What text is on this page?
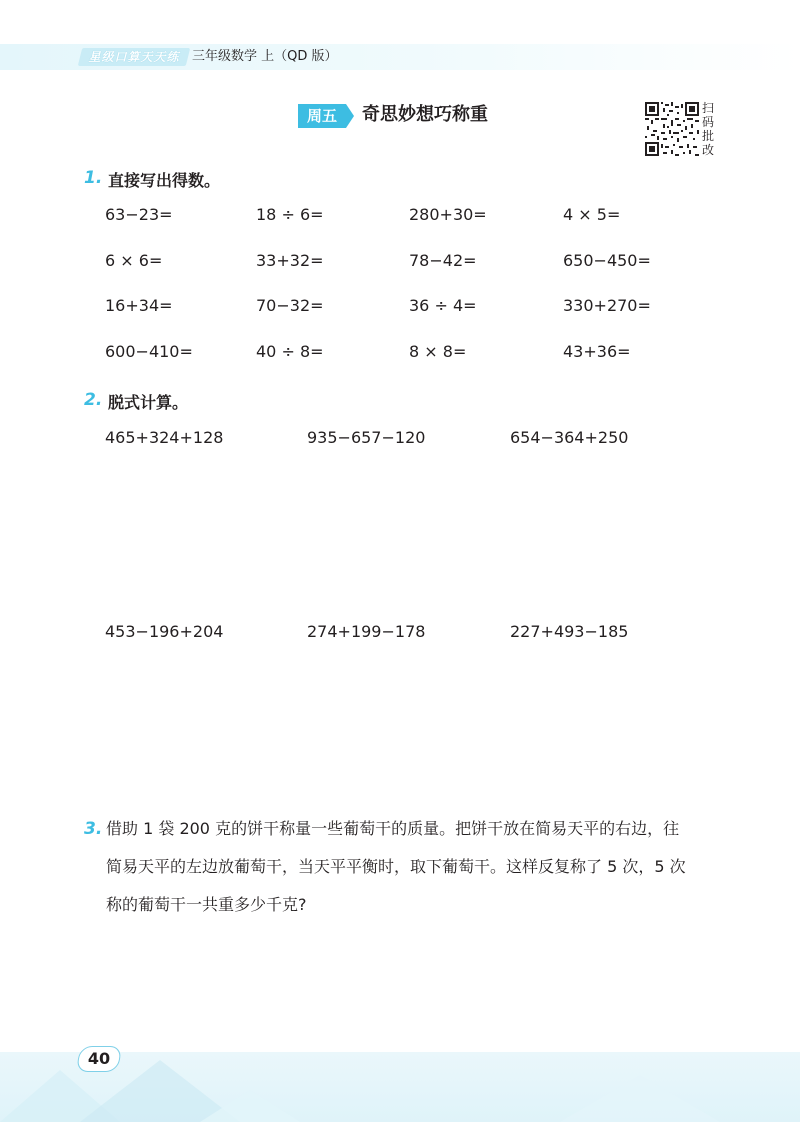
星级口算天天练 三年级数学 上（QD 版）
周五	奇思妙想巧称重	扫
码
批
改
1. 直接写出得数。
63−23=	18 ÷ 6=	280+30=	4 × 5=
6 × 6=	33+32=	78−42=	650−450=
16+34=	70−32=	36 ÷ 4=	330+270=
600−410=	40 ÷ 8=	8 × 8=	43+36=
2. 脱式计算。
465+324+128	935−657−120	654−364+250
453−196+204	274+199−178	227+493−185
3. 借助 1 袋 200 克的饼干称量一些葡萄干的质量。把饼干放在简易天平的右边，往
简易天平的左边放葡萄干，当天平平衡时，取下葡萄干。这样反复称了 5 次，5 次
称的葡萄干一共重多少千克?
40
